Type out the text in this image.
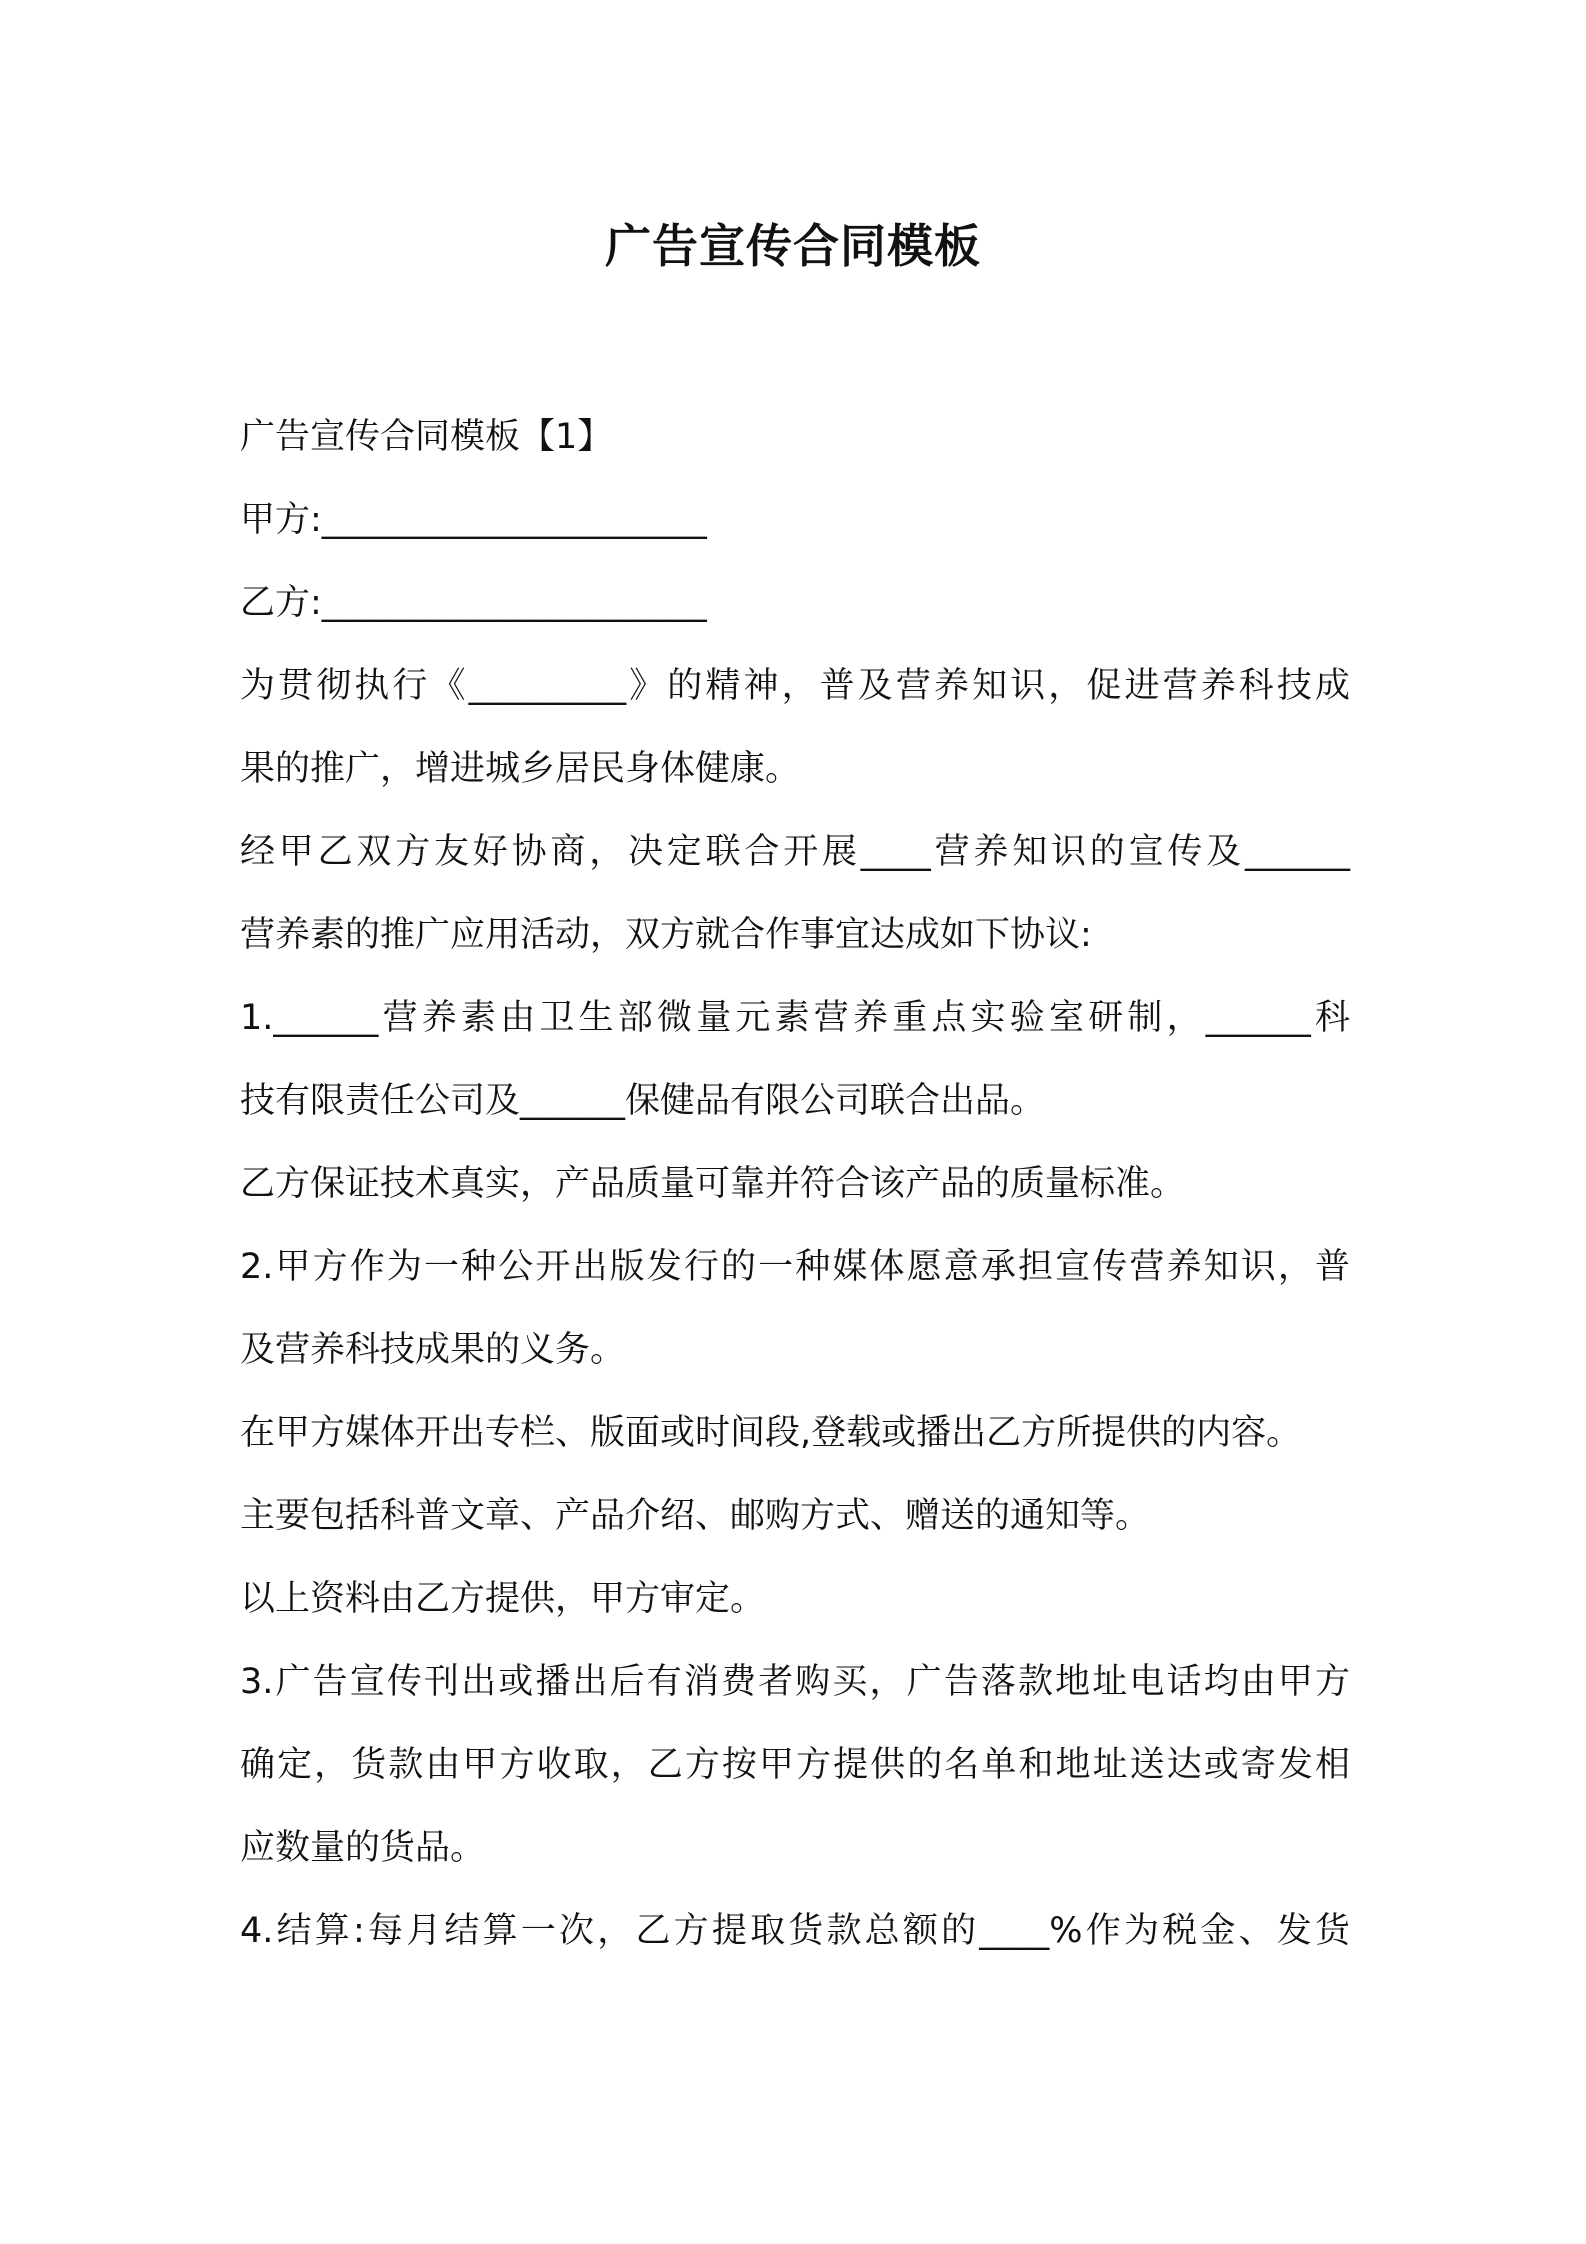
广告宣传合同模板
广告宣传合同模板【1】
甲方:______________________
乙方:______________________
为贯彻执行《_________》的精神，普及营养知识，促进营养科技成
果的推广，增进城乡居民身体健康。
经甲乙双方友好协商，决定联合开展____营养知识的宣传及______
营养素的推广应用活动，双方就合作事宜达成如下协议:
1.______营养素由卫生部微量元素营养重点实验室研制，______科
技有限责任公司及______保健品有限公司联合出品。
乙方保证技术真实，产品质量可靠并符合该产品的质量标准。
2.甲方作为一种公开出版发行的一种媒体愿意承担宣传营养知识，普
及营养科技成果的义务。
在甲方媒体开出专栏、版面或时间段,登载或播出乙方所提供的内容。
主要包括科普文章、产品介绍、邮购方式、赠送的通知等。
以上资料由乙方提供，甲方审定。
3.广告宣传刊出或播出后有消费者购买，广告落款地址电话均由甲方
确定，货款由甲方收取，乙方按甲方提供的名单和地址送达或寄发相
应数量的货品。
4.结算:每月结算一次，乙方提取货款总额的____%作为税金、发货
